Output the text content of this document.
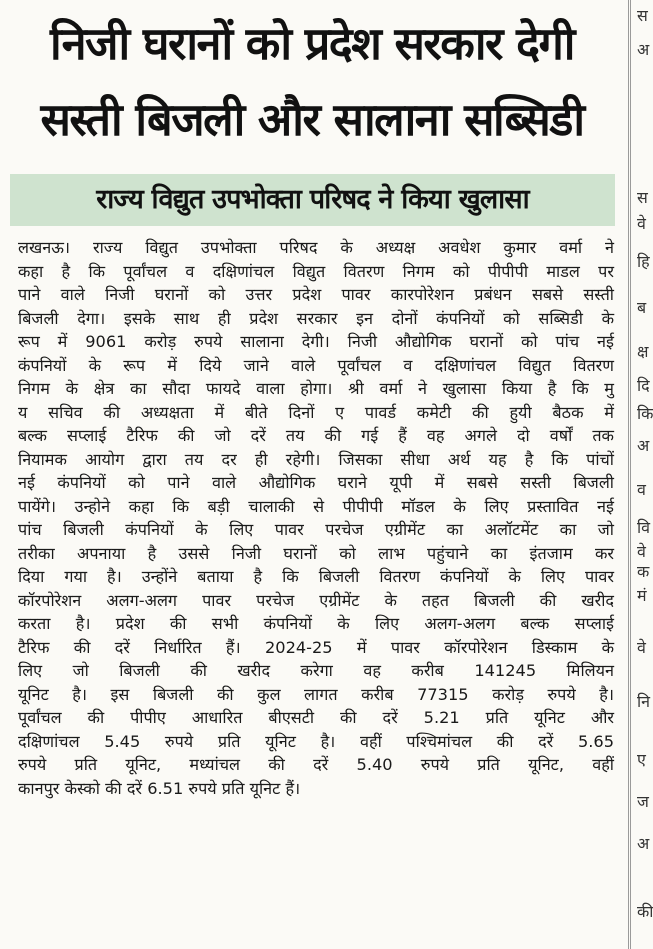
निजी घरानों को प्रदेश सरकार देगी
सस्ती बिजली और सालाना सब्सिडी
राज्य विद्युत उपभोक्ता परिषद ने किया खुलासा

लखनऊ। राज्य विद्युत उपभोक्ता परिषद के अध्यक्ष अवधेश कुमार वर्मा ने
कहा है कि पूर्वांचल व दक्षिणांचल विद्युत वितरण निगम को पीपीपी माडल पर
पाने वाले निजी घरानों को उत्तर प्रदेश पावर कारपोरेशन प्रबंधन सबसे सस्ती
बिजली देगा। इसके साथ ही प्रदेश सरकार इन दोनों कंपनियों को सब्सिडी के
रूप में 9061 करोड़ रुपये सालाना देगी। निजी औद्योगिक घरानों को पांच नई
कंपनियों के रूप में दिये जाने वाले पूर्वांचल व दक्षिणांचल विद्युत वितरण
निगम के क्षेत्र का सौदा फायदे वाला होगा। श्री वर्मा ने खुलासा किया है कि मु
य सचिव की अध्यक्षता में बीते दिनों ए पावर्ड कमेटी की हुयी बैठक में
बल्क सप्लाई टैरिफ की जो दरें तय की गई हैं वह अगले दो वर्षों तक
नियामक आयोग द्वारा तय दर ही रहेगी। जिसका सीधा अर्थ यह है कि पांचों
नई कंपनियों को पाने वाले औद्योगिक घराने यूपी में सबसे सस्ती बिजली
पायेंगे। उन्होने कहा कि बड़ी चालाकी से पीपीपी मॉडल के लिए प्रस्तावित नई
पांच बिजली कंपनियों के लिए पावर परचेज एग्रीमेंट का अलॉटमेंट का जो
तरीका अपनाया है उससे निजी घरानों को लाभ पहुंचाने का इंतजाम कर
दिया गया है। उन्होंने बताया है कि बिजली वितरण कंपनियों के लिए पावर
कॉरपोरेशन अलग-अलग पावर परचेज एग्रीमेंट के तहत बिजली की खरीद
करता है। प्रदेश की सभी कंपनियों के लिए अलग-अलग बल्क सप्लाई
टैरिफ की दरें निर्धारित हैं। 2024-25 में पावर कॉरपोरेशन डिस्काम के
लिए जो बिजली की खरीद करेगा वह करीब 141245 मिलियन
यूनिट है। इस बिजली की कुल लागत करीब 77315 करोड़ रुपये है।
पूर्वांचल की पीपीए आधारित बीएसटी की दरें 5.21 प्रति यूनिट और
दक्षिणांचल 5.45 रुपये प्रति यूनिट है। वहीं पश्चिमांचल की दरें 5.65
रुपये प्रति यूनिट, मध्यांचल की दरें 5.40 रुपये प्रति यूनिट, वहीं
कानपुर केस्को की दरें 6.51 रुपये प्रति यूनिट हैं।

स
अ
स
वे
हि
ब
क्ष
दि
कि
अ
व
वि
वे
क
मं
वे
नि
ए
ज
अ
की
